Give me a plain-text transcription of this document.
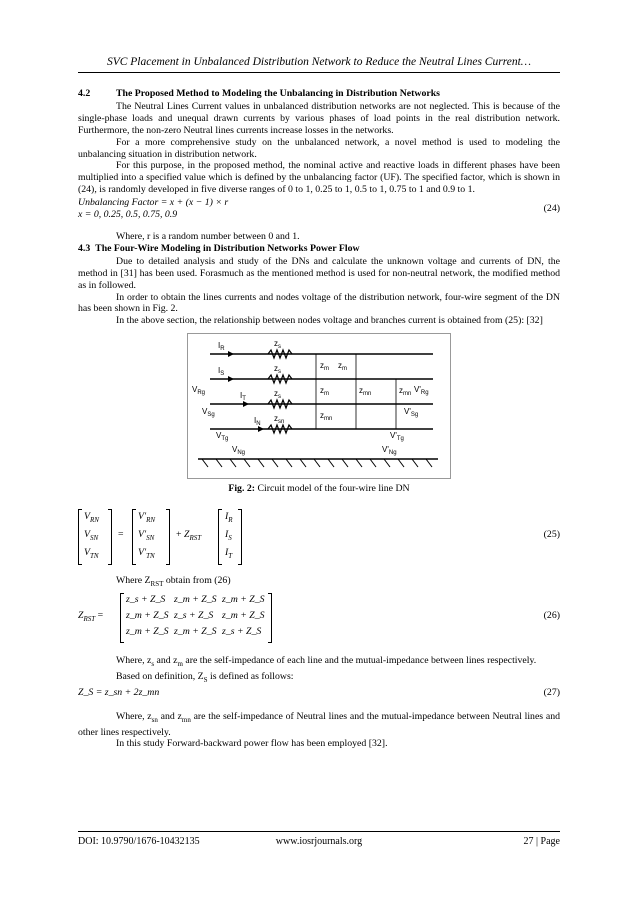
SVC Placement in Unbalanced Distribution Network to Reduce the Neutral Lines Current…

4.2	The Proposed Method to Modeling the Unbalancing in Distribution Networks

The Neutral Lines Current values in unbalanced distribution networks are not neglected. This is because of the single-phase loads and unequal drawn currents by various phases of load points in the real distribution network. Furthermore, the non-zero Neutral lines currents increase losses in the networks.

For a more comprehensive study on the unbalanced network, a novel method is used to modeling the unbalancing situation in distribution network.

For this purpose, in the proposed method, the nominal active and reactive loads in different phases have been multiplied into a specified value which is defined by the unbalancing factor (UF). The specified factor, which is shown in (24), is randomly developed in five diverse ranges of 0 to 1, 0.25 to 1, 0.5 to 1, 0.75 to 1 and 0.9 to 1.

Unbalancing Factor = x + (x − 1) × r

x = 0, 0.25, 0.5, 0.75, 0.9

(24)

Where, r is a random number between 0 and 1.

4.3 The Four-Wire Modeling in Distribution Networks Power Flow

Due to detailed analysis and study of the DNs and calculate the unknown voltage and currents of DN, the method in [31] has been used. Forasmuch as the mentioned method is used for non-neutral network, the modified method as in followed.

In order to obtain the lines currents and nodes voltage of the distribution network, four-wire segment of the DN has been shown in Fig. 2.

In the above section, the relationship between nodes voltage and branches current is obtained from (25): [32]

$I_R$
$I_S$
$I_T$
$I_N$
$z_s$
$z_s$
$z_s$
$z_{sn}$
$z_m$ $z_m$
$z_m$	$z_{mn}$	$z_{mn}$
$z_{mn}$
$V_{Rg}$
$V_{Sg}$
$V_{Tg}$
$V_{Ng}$
$V'_{Rg}$
$V'_{Sg}$
$V'_{Tg}$
$V'_{Ng}$

Fig. 2: Circuit model of the four-wire line DN

$V_{RN}$
$V_{SN}$
$V_{TN}$
=
$V'_{RN}$
$V'_{SN}$
$V'_{TN}$
+ $Z_{RST}$
$I_R$
$I_S$
$I_T$
(25)

Where $Z_{RST}$ obtain from (26)

$Z_{RST}$ =
z_s + Z_S z_m + Z_S z_m + Z_S
z_m + Z_S z_s + Z_S z_m + Z_S
z_m + Z_S z_m + Z_S z_s + Z_S
(26)

Where, $z_s$ and $z_m$ are the self-impedance of each line and the mutual-impedance between lines respectively.

Based on definition, $Z_S$ is defined as follows:

Z_S = z_sn + 2z_mn	(27)

Where, $z_{sn}$ and $z_{mn}$ are the self-impedance of Neutral lines and the mutual-impedance between Neutral lines and other lines respectively.

In this study Forward-backward power flow has been employed [32].

DOI: 10.9790/1676-10432135	www.iosrjournals.org	27 | Page
